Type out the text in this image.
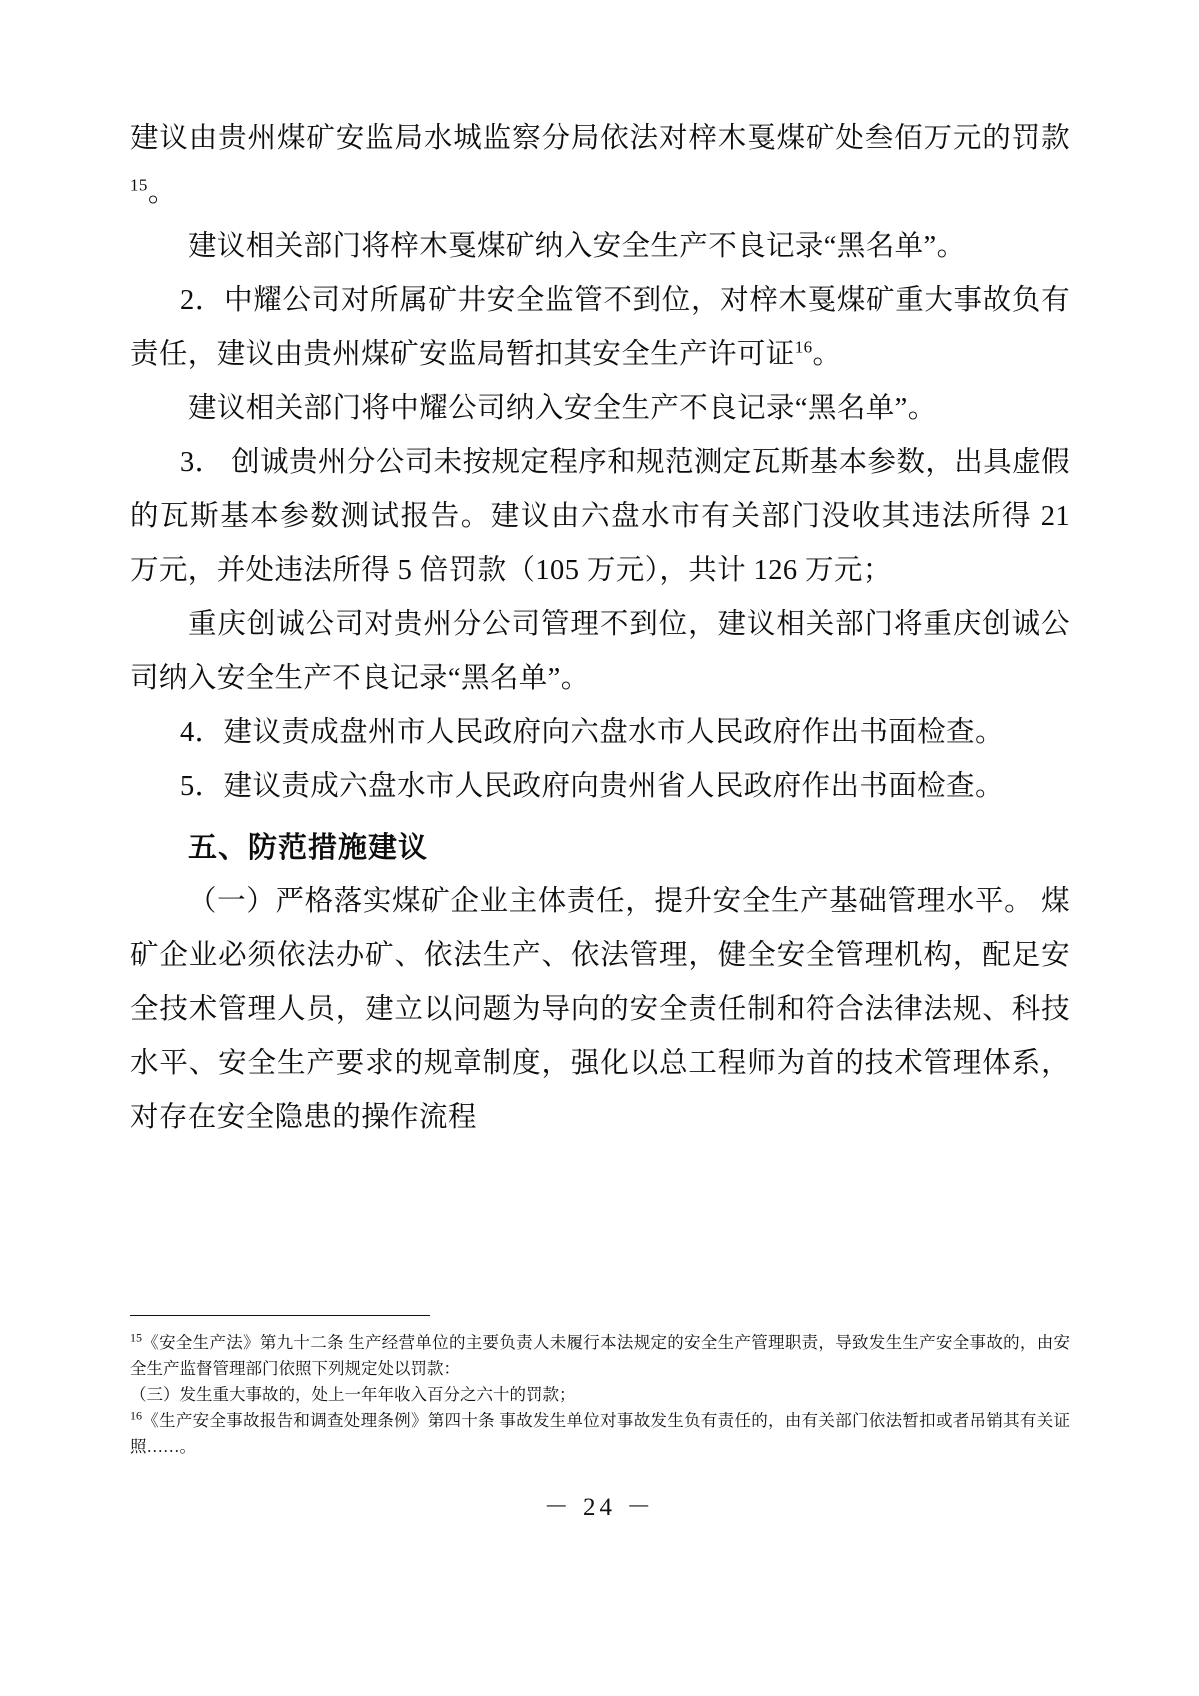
建议由贵州煤矿安监局水城监察分局依法对梓木戛煤矿处叁佰万元的罚款$^{15}$。

建议相关部门将梓木戛煤矿纳入安全生产不良记录“黑名单”。

2．中耀公司对所属矿井安全监管不到位，对梓木戛煤矿重大事故负有责任，建议由贵州煤矿安监局暂扣其安全生产许可证$^{16}$。

建议相关部门将中耀公司纳入安全生产不良记录“黑名单”。

3． 创诚贵州分公司未按规定程序和规范测定瓦斯基本参数，出具虚假的瓦斯基本参数测试报告。建议由六盘水市有关部门没收其违法所得 21 万元，并处违法所得 5 倍罚款（105 万元），共计 126 万元；

重庆创诚公司对贵州分公司管理不到位，建议相关部门将重庆创诚公司纳入安全生产不良记录“黑名单”。

4．建议责成盘州市人民政府向六盘水市人民政府作出书面检查。

5．建议责成六盘水市人民政府向贵州省人民政府作出书面检查。

五、防范措施建议

（一）严格落实煤矿企业主体责任，提升安全生产基础管理水平。 煤矿企业必须依法办矿、依法生产、依法管理，健全安全管理机构，配足安全技术管理人员，建立以问题为导向的安全责任制和符合法律法规、科技水平、安全生产要求的规章制度，强化以总工程师为首的技术管理体系，对存在安全隐患的操作流程

$^{15}$《安全生产法》第九十二条 生产经营单位的主要负责人未履行本法规定的安全生产管理职责，导致发生生产安全事故的，由安全生产监督管理部门依照下列规定处以罚款：

（三）发生重大事故的，处上一年年收入百分之六十的罚款；

$^{16}$《生产安全事故报告和调查处理条例》第四十条 事故发生单位对事故发生负有责任的，由有关部门依法暂扣或者吊销其有关证照……。

－ 24 －
